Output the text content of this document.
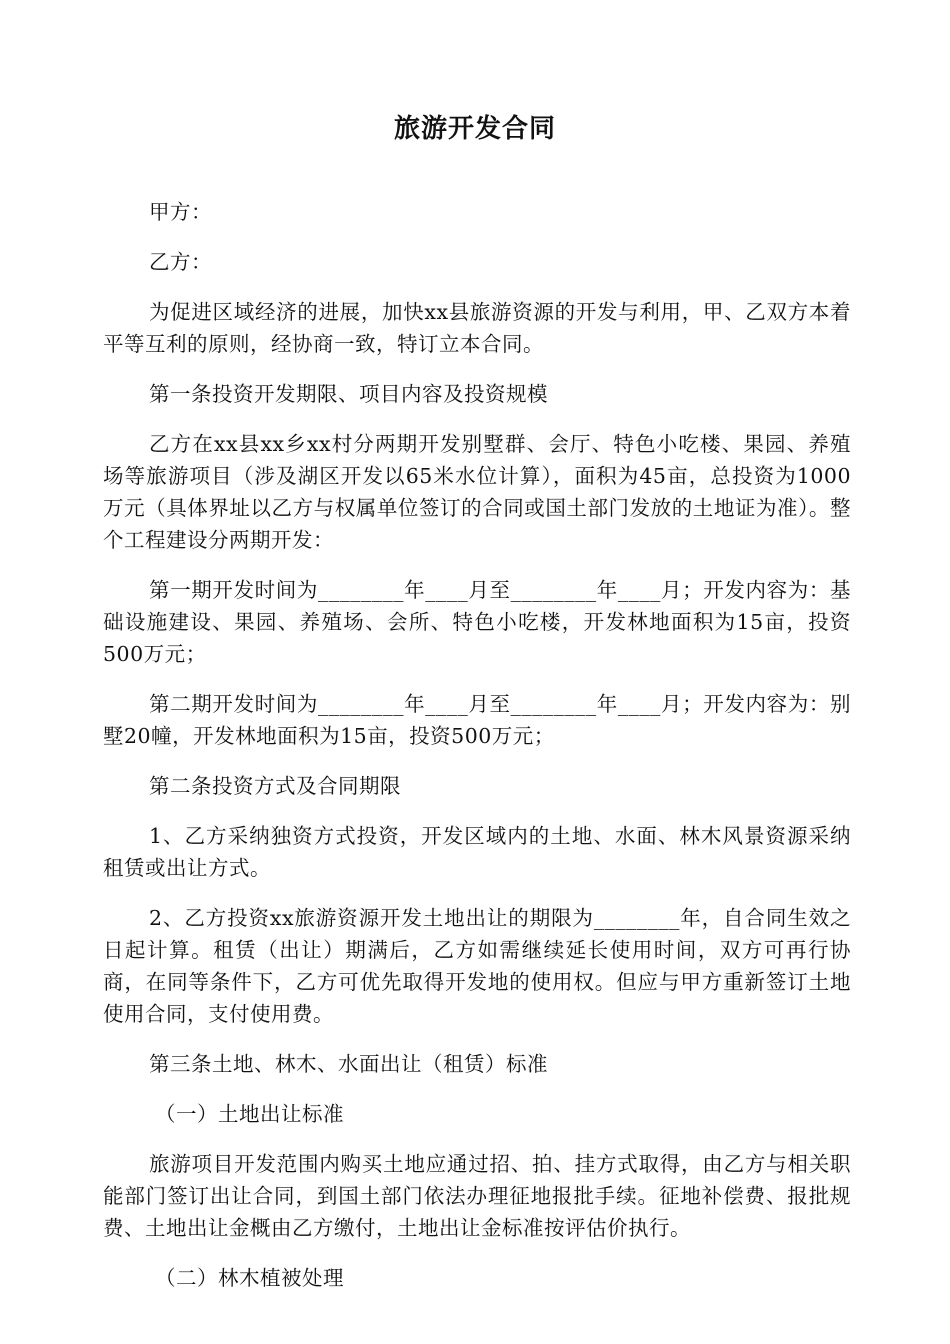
旅游开发合同

甲方：

乙方：

为促进区域经济的进展，加快xx县旅游资源的开发与利用，甲、乙双方本着平等互利的原则，经协商一致，特订立本合同。

第一条投资开发期限、项目内容及投资规模

乙方在xx县xx乡xx村分两期开发别墅群、会厅、特色小吃楼、果园、养殖场等旅游项目（涉及湖区开发以65米水位计算），面积为45亩，总投资为1000万元（具体界址以乙方与权属单位签订的合同或国土部门发放的土地证为准）。整个工程建设分两期开发：

第一期开发时间为________年____月至________年____月；开发内容为：基础设施建设、果园、养殖场、会所、特色小吃楼，开发林地面积为15亩，投资500万元；

第二期开发时间为________年____月至________年____月；开发内容为：别墅20幢，开发林地面积为15亩，投资500万元；

第二条投资方式及合同期限

1、乙方采纳独资方式投资，开发区域内的土地、水面、林木风景资源采纳租赁或出让方式。

2、乙方投资xx旅游资源开发土地出让的期限为________年，自合同生效之日起计算。租赁（出让）期满后，乙方如需继续延长使用时间，双方可再行协商，在同等条件下，乙方可优先取得开发地的使用权。但应与甲方重新签订土地使用合同，支付使用费。

第三条土地、林木、水面出让（租赁）标准

（一）土地出让标准

旅游项目开发范围内购买土地应通过招、拍、挂方式取得，由乙方与相关职能部门签订出让合同，到国土部门依法办理征地报批手续。征地补偿费、报批规费、土地出让金概由乙方缴付，土地出让金标准按评估价执行。

（二）林木植被处理
